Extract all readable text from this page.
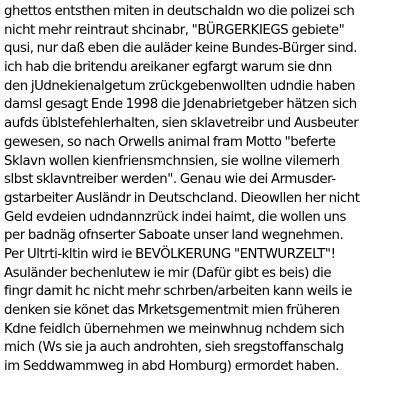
ghettos entsthen miten in deutschaldn wo die polizei sch
nicht mehr reintraut shcinabr, "BÜRGERKIEGS gebiete"
qusi, nur daß eben die auläder keine Bundes-Bürger sind.
ich hab die britendu areikaner egfargt warum sie dnn
den jUdnekienalgetum zrückgebenwollten udndie haben
damsl gesagt Ende 1998 die Jdenabrietgeber hätzen sich
aufds üblstefehlerhalten, sien sklavetreibr und Ausbeuter
gewesen, so nach Orwells animal fram Motto "beferte
Sklavn wollen kienfriensmchnsien, sie wollne vilemerh
slbst sklavntreiber werden". Genau wie dei Armusder-
gstarbeiter Ausländr in Deutschcland. Dieowllen her nicht
Geld evdeien udndannzrück indei haimt, die wollen uns
per badnäg ofnserter Saboate unser land wegnehmen.
Per Ultrti-kltin wird ie BEVÖLKERUNG "ENTWURZELT"!
Asuländer bechenlutew ie mir (Dafür gibt es beis) die
fingr damit hc nicht mehr schrben/arbeiten kann weils ie
denken sie könet das Mrketsgementmit mien früheren
Kdne feidlch übernehmen we meinwhnug nchdem sich
mich (Ws sie ja auch androhten, sieh sregstoffanschalg
im Seddwammweg in abd Homburg) ermordet haben.
